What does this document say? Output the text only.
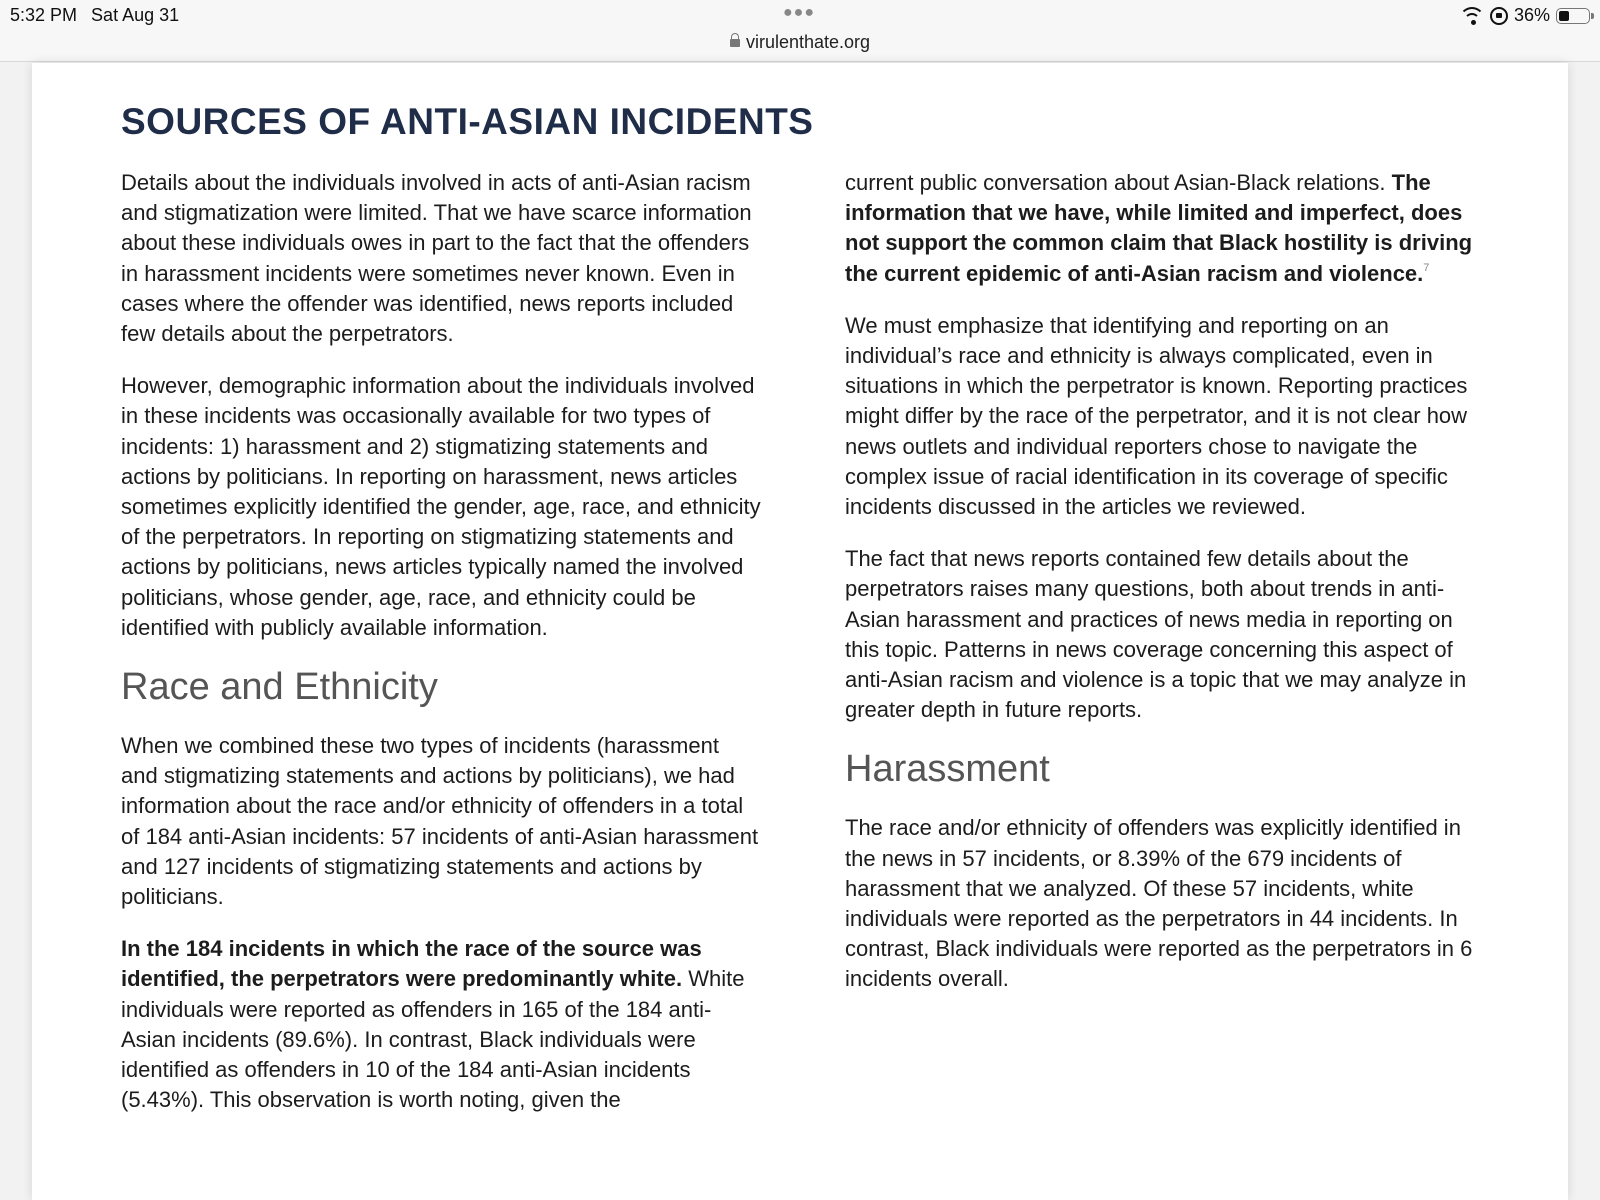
5:32 PM Sat Aug 31	●●●
virulenthate.org
36%
SOURCES OF ANTI-ASIAN INCIDENTS

Details about the individuals involved in acts of anti-Asian racism and stigmatization were limited. That we have scarce information about these individuals owes in part to the fact that the offenders in harassment incidents were sometimes never known. Even in cases where the offender was identified, news reports included few details about the perpetrators.

However, demographic information about the individuals involved in these incidents was occasionally available for two types of incidents: 1) harassment and 2) stigmatizing statements and actions by politicians. In reporting on harassment, news articles sometimes explicitly identified the gender, age, race, and ethnicity of the perpetrators. In reporting on stigmatizing statements and actions by politicians, news articles typically named the involved politicians, whose gender, age, race, and ethnicity could be identified with publicly available information.

Race and Ethnicity

When we combined these two types of incidents (harassment and stigmatizing statements and actions by politicians), we had information about the race and/or ethnicity of offenders in a total of 184 anti-Asian incidents: 57 incidents of anti-Asian harassment and 127 incidents of stigmatizing statements and actions by politicians.

In the 184 incidents in which the race of the source was identified, the perpetrators were predominantly white. White individuals were reported as offenders in 165 of the 184 anti-Asian incidents (89.6%). In contrast, Black individuals were identified as offenders in 10 of the 184 anti-Asian incidents (5.43%). This observation is worth noting, given the

current public conversation about Asian-Black relations. The information that we have, while limited and imperfect, does not support the common claim that Black hostility is driving the current epidemic of anti-Asian racism and violence.$^7$

We must emphasize that identifying and reporting on an individual’s race and ethnicity is always complicated, even in situations in which the perpetrator is known. Reporting practices might differ by the race of the perpetrator, and it is not clear how news outlets and individual reporters chose to navigate the complex issue of racial identification in its coverage of specific incidents discussed in the articles we reviewed.

The fact that news reports contained few details about the perpetrators raises many questions, both about trends in anti-Asian harassment and practices of news media in reporting on this topic. Patterns in news coverage concerning this aspect of anti-Asian racism and violence is a topic that we may analyze in greater depth in future reports.

Harassment

The race and/or ethnicity of offenders was explicitly identified in the news in 57 incidents, or 8.39% of the 679 incidents of harassment that we analyzed. Of these 57 incidents, white individuals were reported as the perpetrators in 44 incidents. In contrast, Black individuals were reported as the perpetrators in 6 incidents overall.
